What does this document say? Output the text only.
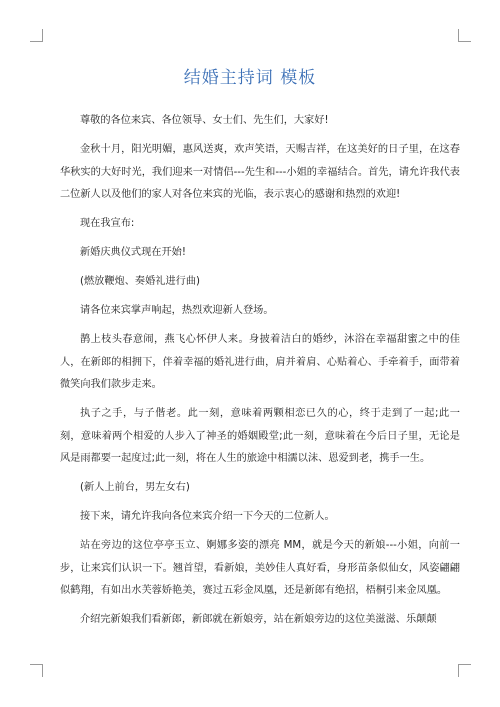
结婚主持词 模板

尊敬的各位来宾、各位领导、女士们、先生们，大家好!

金秋十月，阳光明媚，惠风送爽，欢声笑语，天赐吉祥，在这美好的日子里，在这春华秋实的大好时光，我们迎来一对情侣---先生和---小姐的幸福结合。首先，请允许我代表二位新人以及他们的家人对各位来宾的光临，表示衷心的感谢和热烈的欢迎!

现在我宣布:

新婚庆典仪式现在开始!

(燃放鞭炮、奏婚礼进行曲)

请各位来宾掌声响起，热烈欢迎新人登场。

鹊上枝头春意闹，燕飞心怀伊人来。身披着洁白的婚纱，沐浴在幸福甜蜜之中的佳人，在新郎的相拥下，伴着幸福的婚礼进行曲，肩并着肩、心贴着心、手牵着手，面带着微笑向我们款步走来。

执子之手，与子偕老。此一刻，意味着两颗相恋已久的心，终于走到了一起;此一刻，意味着两个相爱的人步入了神圣的婚姻殿堂;此一刻，意味着在今后日子里，无论是风是雨都要一起度过;此一刻，将在人生的旅途中相濡以沫、恩爱到老，携手一生。

(新人上前台，男左女右)

接下来，请允许我向各位来宾介绍一下今天的二位新人。

站在旁边的这位亭亭玉立、婀娜多姿的漂亮 MM，就是今天的新娘---小姐，向前一步，让来宾们认识一下。翘首望，看新娘，美妙佳人真好看，身形苗条似仙女，风姿翩翩似鹤翔，有如出水芙蓉娇艳美，赛过五彩金凤凰，还是新郎有绝招，梧桐引来金凤凰。

介绍完新娘我们看新郎，新郎就在新娘旁，站在新娘旁边的这位美滋滋、乐颠颠
